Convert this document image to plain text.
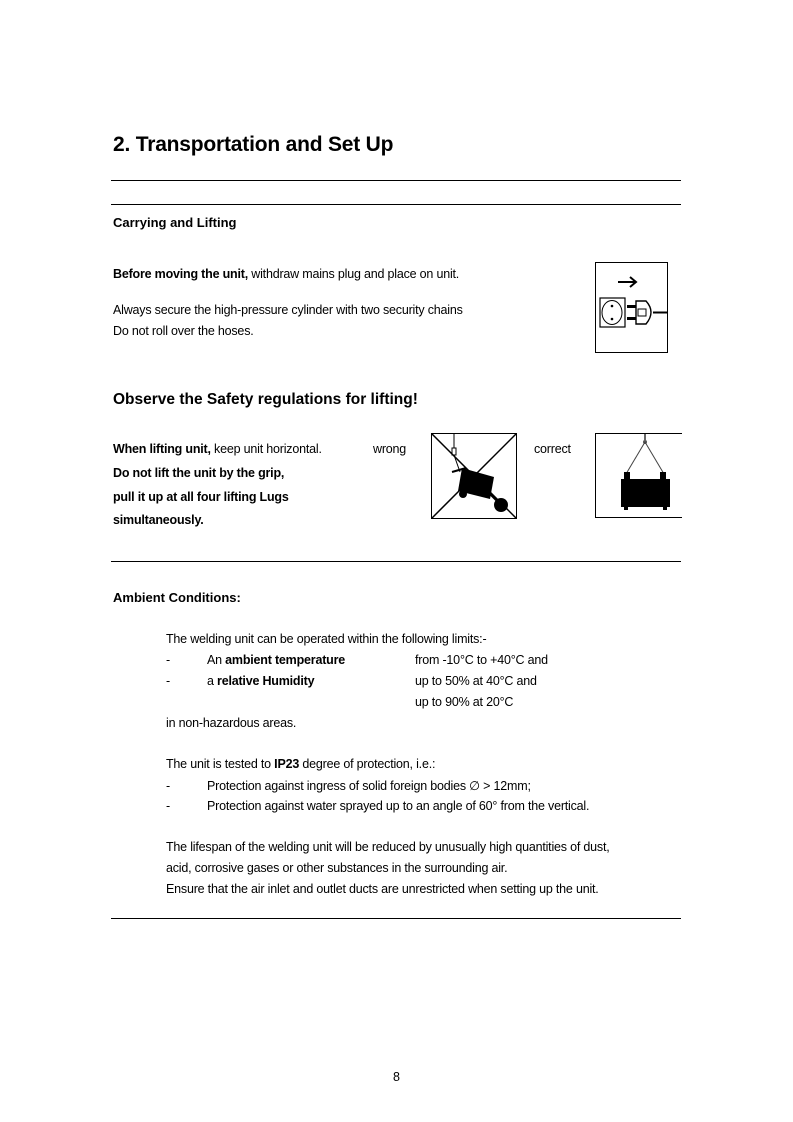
2. Transportation and Set Up
Carrying and Lifting
Before moving the unit, withdraw mains plug and place on unit.
Always secure the high-pressure cylinder with two security chains
Do not roll over the hoses.
Observe the Safety regulations for lifting!
When lifting unit, keep unit horizontal.
Do not lift the unit by the grip,
pull it up at all four lifting Lugs
simultaneously.
wrong	correct
Ambient Conditions:
The welding unit can be operated within the following limits:-
-	An ambient temperature	from -10°C to +40°C and
-	a relative Humidity	up to 50% at 40°C and
up to 90% at 20°C
in non-hazardous areas.
The unit is tested to IP23 degree of protection, i.e.:
-	Protection against ingress of solid foreign bodies ∅ > 12mm;
-	Protection against water sprayed up to an angle of 60° from the vertical.
The lifespan of the welding unit will be reduced by unusually high quantities of dust,
acid, corrosive gases or other substances in the surrounding air.
Ensure that the air inlet and outlet ducts are unrestricted when setting up the unit.
8
